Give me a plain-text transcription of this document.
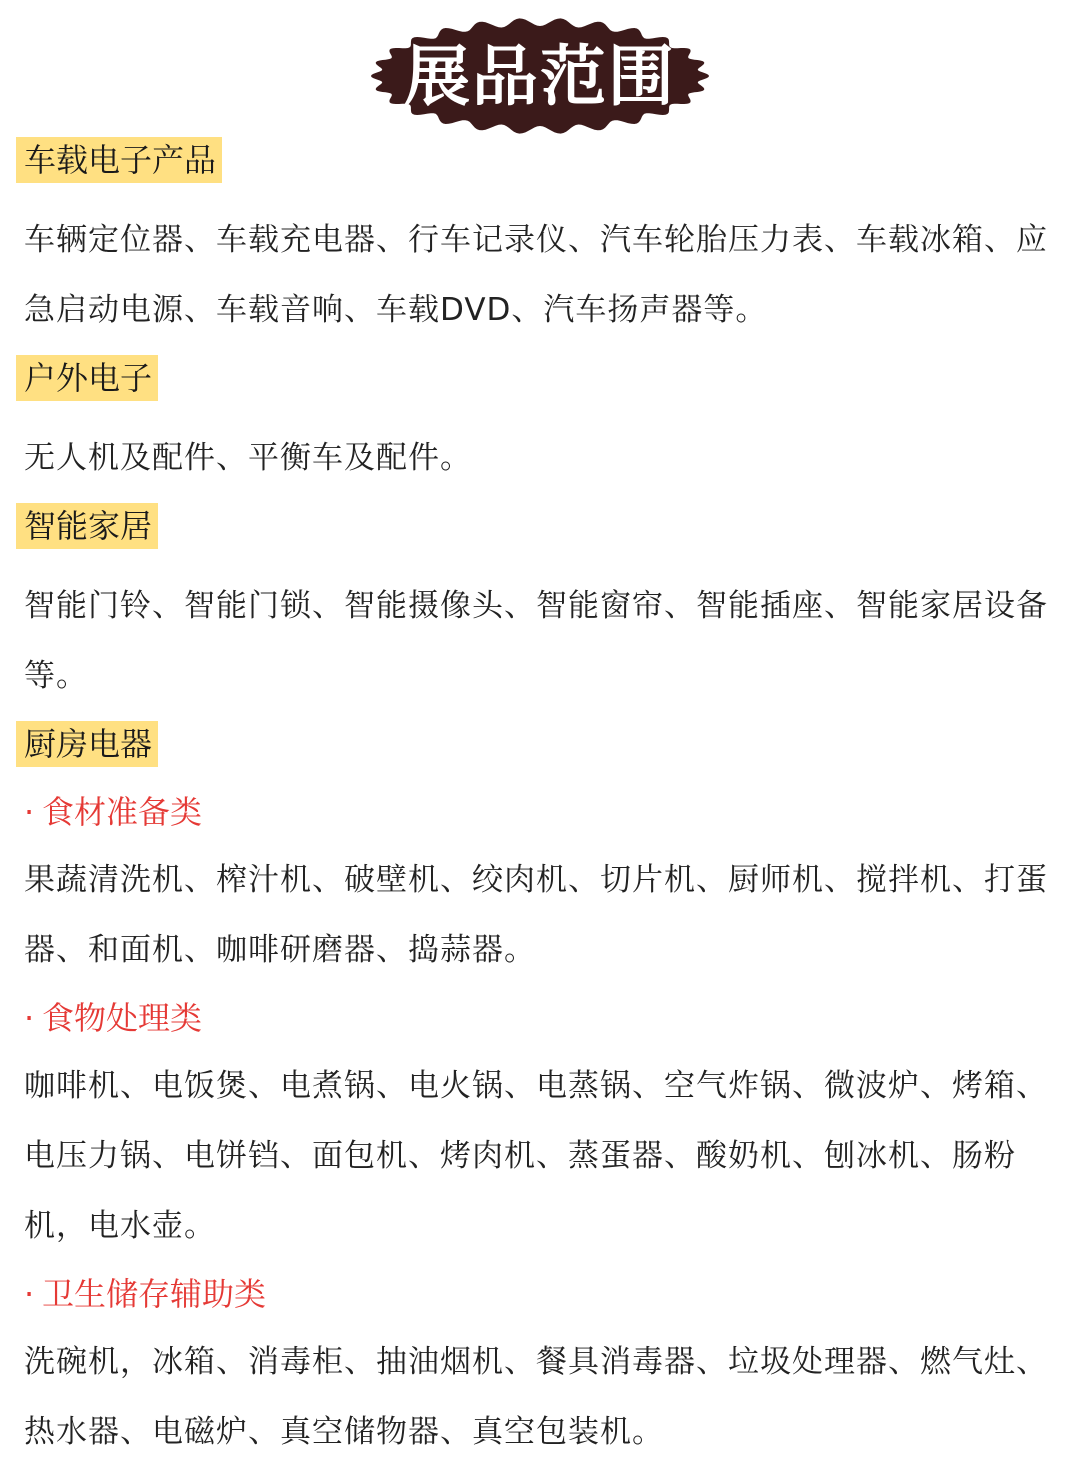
展品范围
车载电子产品

车辆定位器、车载充电器、行车记录仪、汽车轮胎压力表、车载冰箱、应急启动电源、车载音响、车载DVD、汽车扬声器等。

户外电子

无人机及配件、平衡车及配件。

智能家居

智能门铃、智能门锁、智能摄像头、智能窗帘、智能插座、智能家居设备等。

厨房电器
· 食材准备类

果蔬清洗机、榨汁机、破壁机、绞肉机、切片机、厨师机、搅拌机、打蛋器、和面机、咖啡研磨器、捣蒜器。

· 食物处理类

咖啡机、电饭煲、电煮锅、电火锅、电蒸锅、空气炸锅、微波炉、烤箱、电压力锅、电饼铛、面包机、烤肉机、蒸蛋器、酸奶机、刨冰机、肠粉机，电水壶。

· 卫生储存辅助类

洗碗机，冰箱、消毒柜、抽油烟机、餐具消毒器、垃圾处理器、燃气灶、热水器、电磁炉、真空储物器、真空包装机。
